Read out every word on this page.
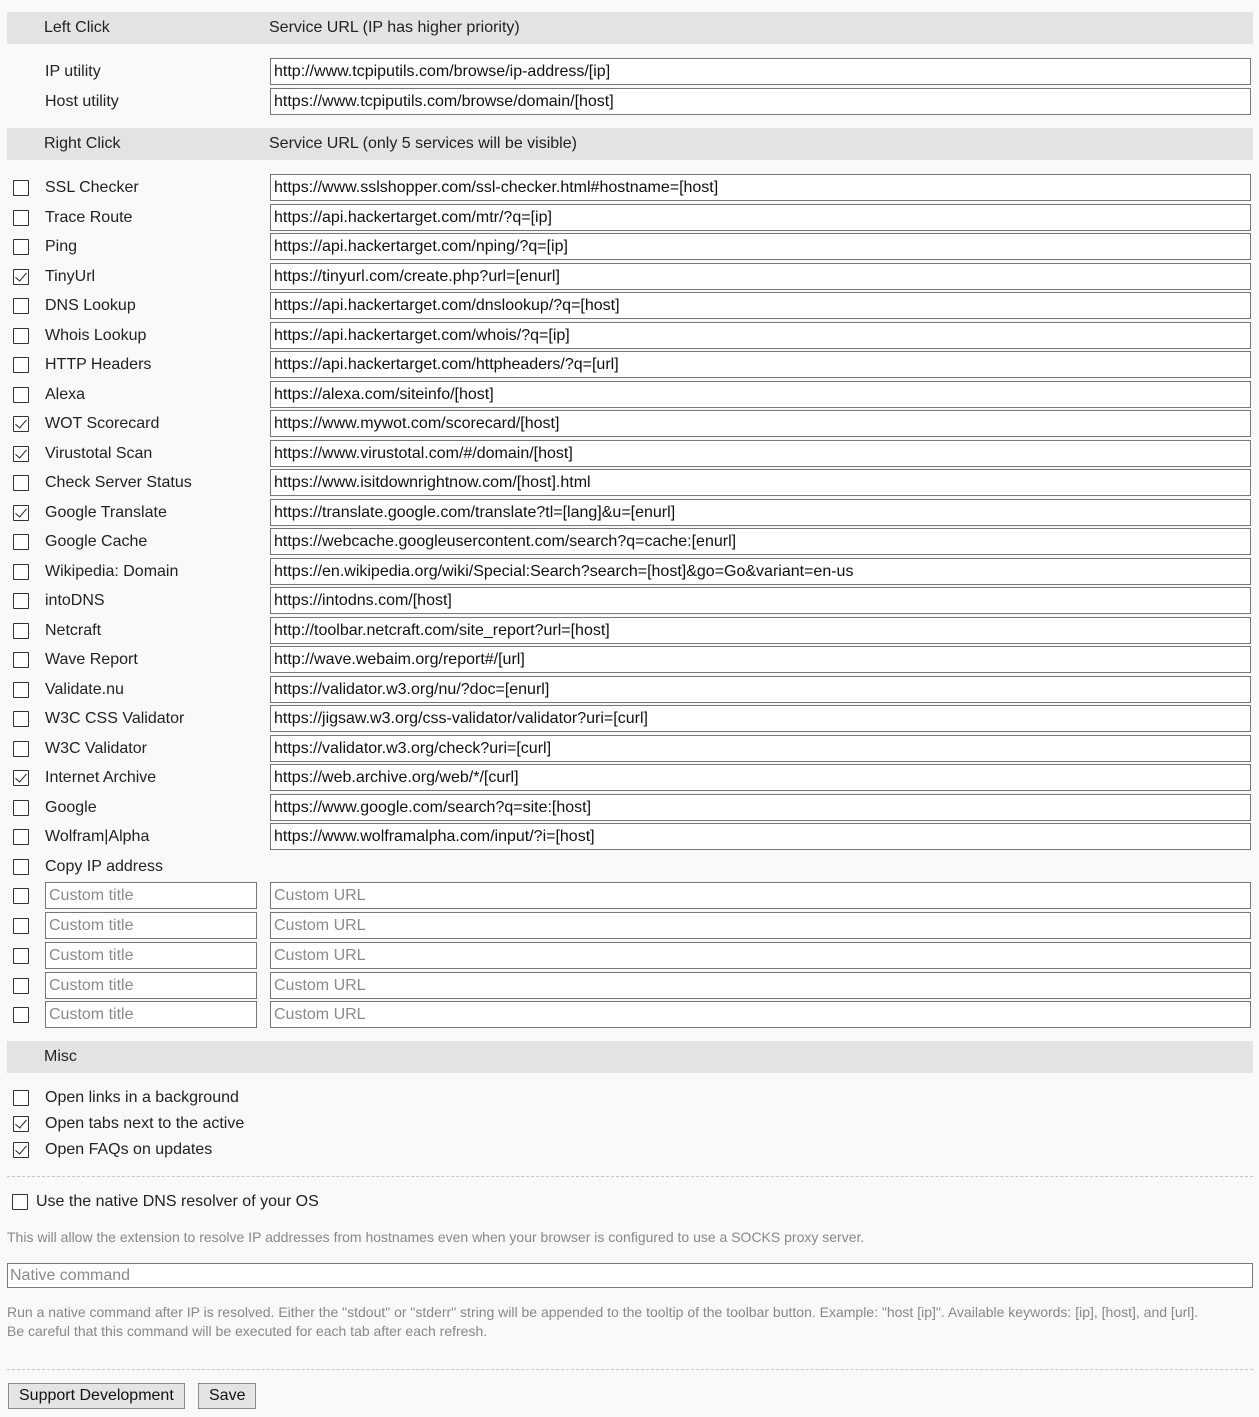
Left Click	Service URL (IP has higher priority)
IP utility
http://www.tcpiputils.com/browse/ip-address/[ip]
Host utility
https://www.tcpiputils.com/browse/domain/[host]
Right Click	Service URL (only 5 services will be visible)
SSL Checker
https://www.sslshopper.com/ssl-checker.html#hostname=[host]
Trace Route
https://api.hackertarget.com/mtr/?q=[ip]
Ping
https://api.hackertarget.com/nping/?q=[ip]
TinyUrl
https://tinyurl.com/create.php?url=[enurl]
DNS Lookup
https://api.hackertarget.com/dnslookup/?q=[host]
Whois Lookup
https://api.hackertarget.com/whois/?q=[ip]
HTTP Headers
https://api.hackertarget.com/httpheaders/?q=[url]
Alexa
https://alexa.com/siteinfo/[host]
WOT Scorecard
https://www.mywot.com/scorecard/[host]
Virustotal Scan
https://www.virustotal.com/#/domain/[host]
Check Server Status
https://www.isitdownrightnow.com/[host].html
Google Translate
https://translate.google.com/translate?tl=[lang]&u=[enurl]
Google Cache
https://webcache.googleusercontent.com/search?q=cache:[enurl]
Wikipedia: Domain
https://en.wikipedia.org/wiki/Special:Search?search=[host]&go=Go&variant=en-us
intoDNS
https://intodns.com/[host]
Netcraft
http://toolbar.netcraft.com/site_report?url=[host]
Wave Report
http://wave.webaim.org/report#/[url]
Validate.nu
https://validator.w3.org/nu/?doc=[enurl]
W3C CSS Validator
https://jigsaw.w3.org/css-validator/validator?uri=[curl]
W3C Validator
https://validator.w3.org/check?uri=[curl]
Internet Archive
https://web.archive.org/web/*/[curl]
Google
https://www.google.com/search?q=site:[host]
Wolfram|Alpha
https://www.wolframalpha.com/input/?i=[host]
Copy IP address
Custom title
Custom URL
Custom title
Custom URL
Custom title
Custom URL
Custom title
Custom URL
Custom title
Custom URL
Misc
Open links in a background
Open tabs next to the active
Open FAQs on updates
Use the native DNS resolver of your OS
This will allow the extension to resolve IP addresses from hostnames even when your browser is configured to use a SOCKS proxy server.
Native command
Run a native command after IP is resolved. Either the "stdout" or "stderr" string will be appended to the tooltip of the toolbar button. Example: "host [ip]". Available keywords: [ip], [host], and [url].
Be careful that this command will be executed for each tab after each refresh.
Support Development	Save
